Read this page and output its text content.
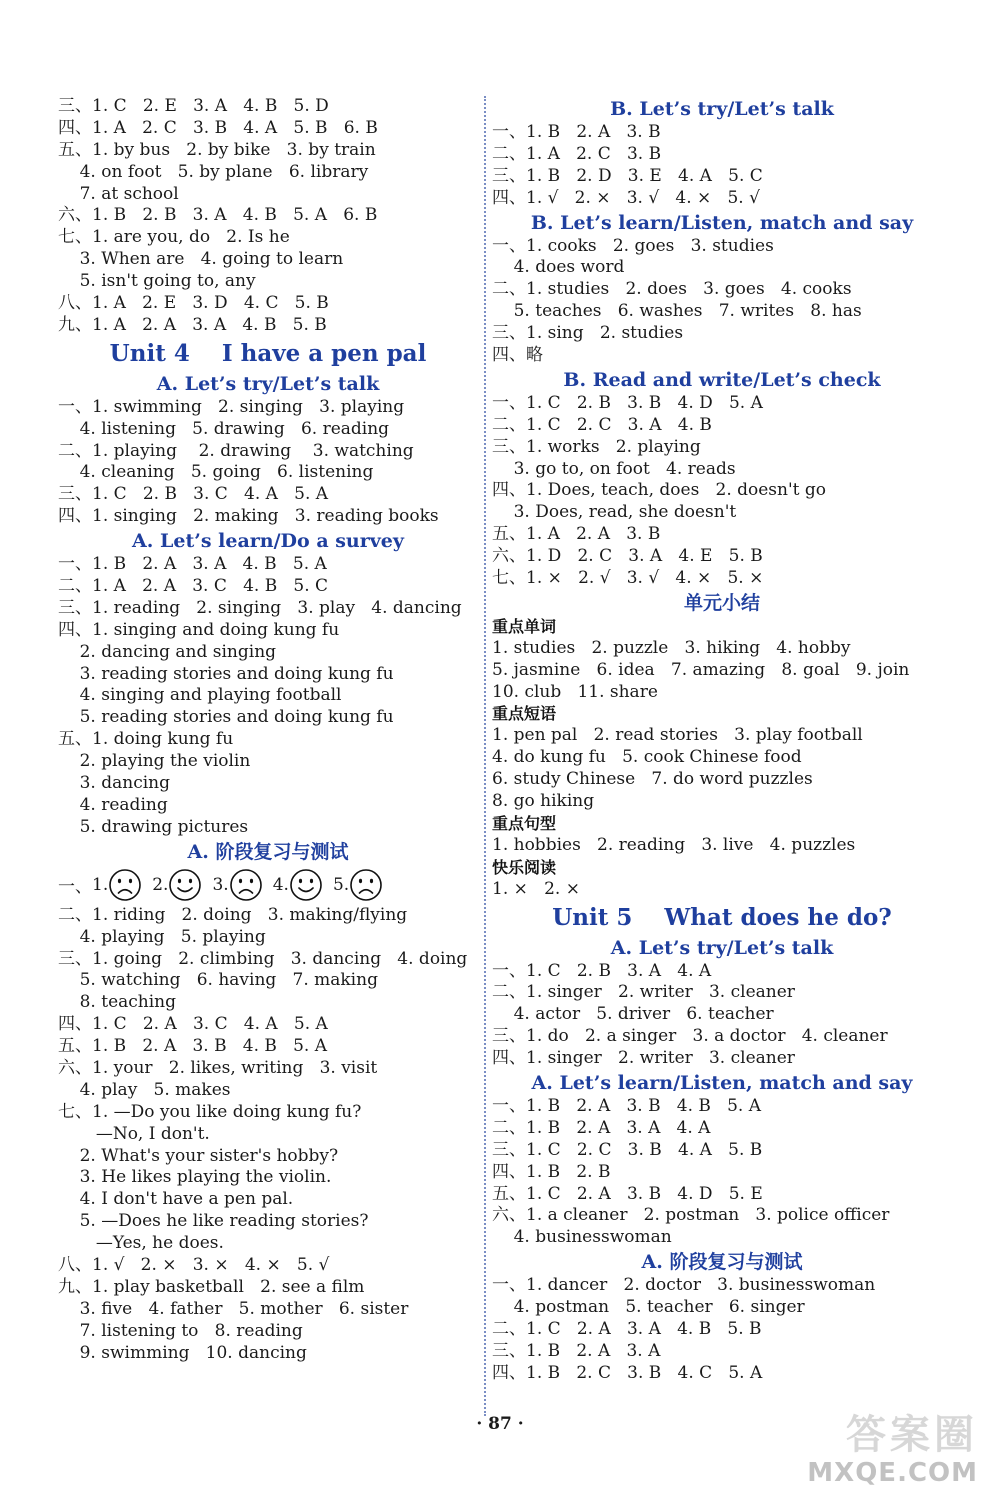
三、1. C   2. E   3. A   4. B   5. D
四、1. A   2. C   3. B   4. A   5. B   6. B
五、1. by bus   2. by bike   3. by train
4. on foot   5. by plane   6. library
7. at school
六、1. B   2. B   3. A   4. B   5. A   6. B
七、1. are you, do   2. Is he
3. When are   4. going to learn
5. isn't going to, any
八、1. A   2. E   3. D   4. C   5. B
九、1. A   2. A   3. A   4. B   5. B
Unit 4    I have a pen pal
A. Let’s try/Let’s talk
一、1. swimming   2. singing   3. playing
4. listening   5. drawing   6. reading
二、1. playing    2. drawing    3. watching
4. cleaning   5. going   6. listening
三、1. C   2. B   3. C   4. A   5. A
四、1. singing   2. making   3. reading books
A. Let’s learn/Do a survey
一、1. B   2. A   3. A   4. B   5. A
二、1. A   2. A   3. C   4. B   5. C
三、1. reading   2. singing   3. play   4. dancing
四、1. singing and doing kung fu
2. dancing and singing
3. reading stories and doing kung fu
4. singing and playing football
5. reading stories and doing kung fu
五、1. doing kung fu
2. playing the violin
3. dancing
4. reading
5. drawing pictures
A. 阶段复习与测试
一、 1.	2.	3.	4.	5.
二、1. riding   2. doing   3. making/flying
4. playing   5. playing
三、1. going   2. climbing   3. dancing   4. doing
5. watching   6. having   7. making
8. teaching
四、1. C   2. A   3. C   4. A   5. A
五、1. B   2. A   3. B   4. B   5. A
六、1. your   2. likes, writing   3. visit
4. play   5. makes
七、1. —Do you like doing kung fu?
—No, I don't.
2. What's your sister's hobby?
3. He likes playing the violin.
4. I don't have a pen pal.
5. —Does he like reading stories?
—Yes, he does.
八、1. √   2. ×   3. ×   4. ×   5. √
九、1. play basketball   2. see a film
3. five   4. father   5. mother   6. sister
7. listening to   8. reading
9. swimming   10. dancing
B. Let’s try/Let’s talk
一、1. B   2. A   3. B
二、1. A   2. C   3. B
三、1. B   2. D   3. E   4. A   5. C
四、1. √   2. ×   3. √   4. ×   5. √
B. Let’s learn/Listen, match and say
一、1. cooks   2. goes   3. studies
4. does word
二、1. studies   2. does   3. goes   4. cooks
5. teaches   6. washes   7. writes   8. has
三、1. sing   2. studies
四、略
B. Read and write/Let’s check
一、1. C   2. B   3. B   4. D   5. A
二、1. C   2. C   3. A   4. B
三、1. works   2. playing
3. go to, on foot   4. reads
四、1. Does, teach, does   2. doesn't go
3. Does, read, she doesn't
五、1. A   2. A   3. B
六、1. D   2. C   3. A   4. E   5. B
七、1. ×   2. √   3. √   4. ×   5. ×
单元小结
重点单词
1. studies   2. puzzle   3. hiking   4. hobby
5. jasmine   6. idea   7. amazing   8. goal   9. join
10. club   11. share
重点短语
1. pen pal   2. read stories   3. play football
4. do kung fu   5. cook Chinese food
6. study Chinese   7. do word puzzles
8. go hiking
重点句型
1. hobbies   2. reading   3. live   4. puzzles
快乐阅读
1. ×   2. ×
Unit 5    What does he do?
A. Let’s try/Let’s talk
一、1. C   2. B   3. A   4. A
二、1. singer   2. writer   3. cleaner
4. actor   5. driver   6. teacher
三、1. do   2. a singer   3. a doctor   4. cleaner
四、1. singer   2. writer   3. cleaner
A. Let’s learn/Listen, match and say
一、1. B   2. A   3. B   4. B   5. A
二、1. B   2. A   3. A   4. A
三、1. C   2. C   3. B   4. A   5. B
四、1. B   2. B
五、1. C   2. A   3. B   4. D   5. E
六、1. a cleaner   2. postman   3. police officer
4. businesswoman
A. 阶段复习与测试
一、1. dancer   2. doctor   3. businesswoman
4. postman   5. teacher   6. singer
二、1. C   2. A   3. A   4. B   5. B
三、1. B   2. A   3. A
四、1. B   2. C   3. B   4. C   5. A
· 87 ·	答案圈
MXQE.COM
